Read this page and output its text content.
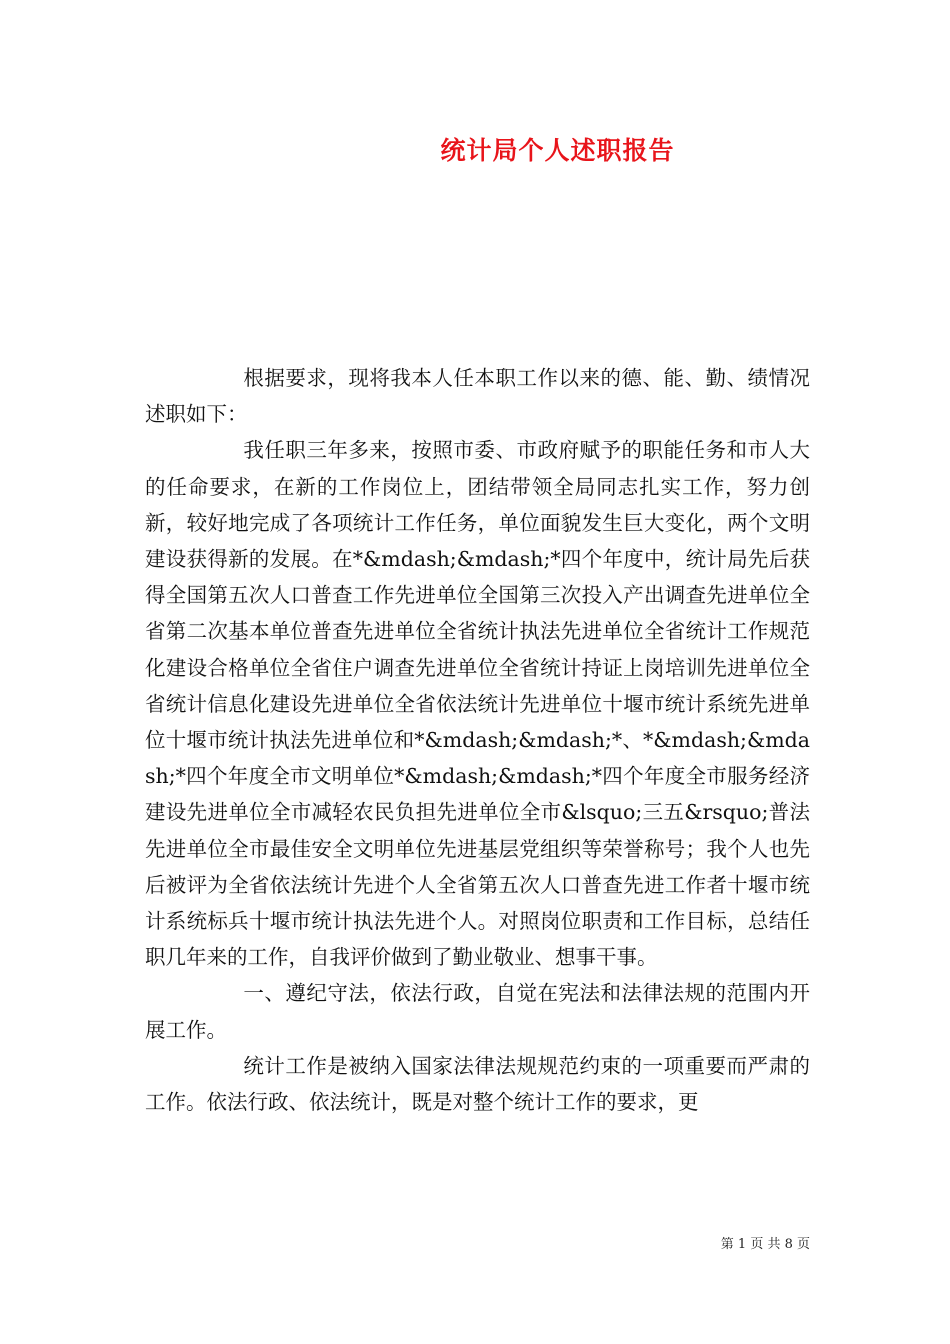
统计局个人述职报告

根据要求，现将我本人任本职工作以来的德、能、勤、绩情况述职如下：

我任职三年多来，按照市委、市政府赋予的职能任务和市人大的任命要求，在新的工作岗位上，团结带领全局同志扎实工作，努力创新，较好地完成了各项统计工作任务，单位面貌发生巨大变化，两个文明建设获得新的发展。在*&mdash;&mdash;*四个年度中，统计局先后获得全国第五次人口普查工作先进单位全国第三次投入产出调查先进单位全省第二次基本单位普查先进单位全省统计执法先进单位全省统计工作规范化建设合格单位全省住户调查先进单位全省统计持证上岗培训先进单位全省统计信息化建设先进单位全省依法统计先进单位十堰市统计系统先进单位十堰市统计执法先进单位和*&mdash;&mdash;*、*&mdash;&mdash;*四个年度全市文明单位*&mdash;&mdash;*四个年度全市服务经济建设先进单位全市减轻农民负担先进单位全市&lsquo;三五&rsquo;普法先进单位全市最佳安全文明单位先进基层党组织等荣誉称号；我个人也先后被评为全省依法统计先进个人全省第五次人口普查先进工作者十堰市统计系统标兵十堰市统计执法先进个人。对照岗位职责和工作目标，总结任职几年来的工作，自我评价做到了勤业敬业、想事干事。

一、遵纪守法，依法行政，自觉在宪法和法律法规的范围内开展工作。

统计工作是被纳入国家法律法规规范约束的一项重要而严肃的工作。依法行政、依法统计，既是对整个统计工作的要求，更

第 1 页 共 8 页
